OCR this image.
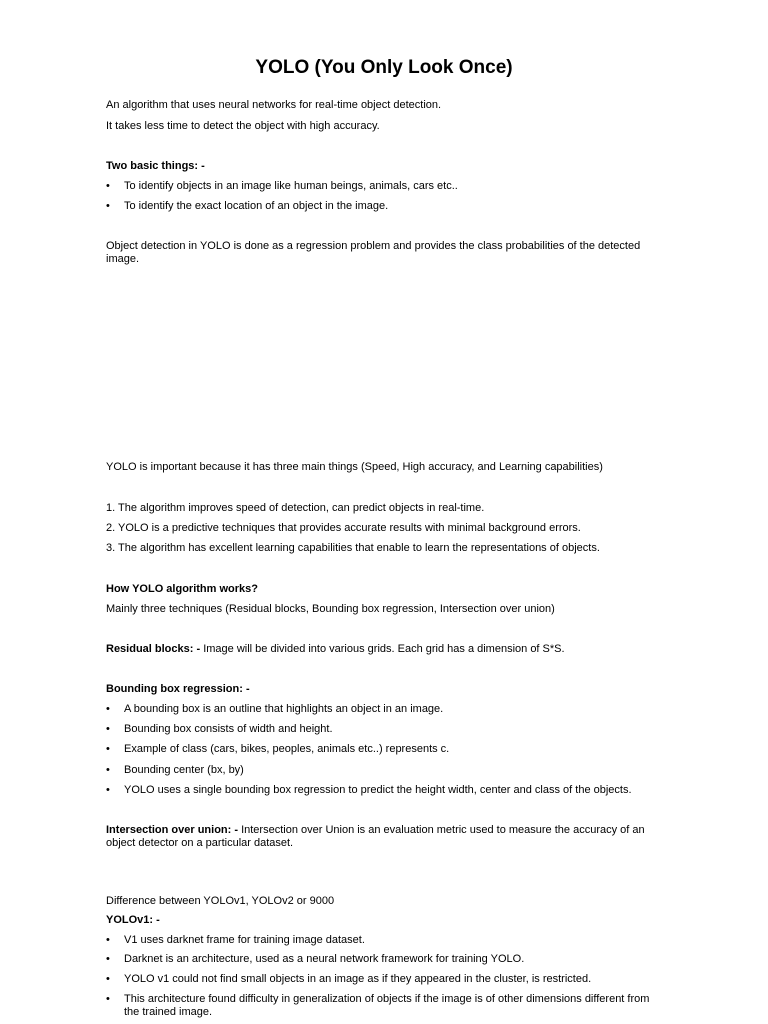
YOLO (You Only Look Once)

An algorithm that uses neural networks for real-time object detection.

It takes less time to detect the object with high accuracy.

Two basic things: -

• To identify objects in an image like human beings, animals, cars etc..
• To identify the exact location of an object in the image.

Object detection in YOLO is done as a regression problem and provides the class probabilities of the detected image.

YOLO is important because it has three main things (Speed, High accuracy, and Learning capabilities)

1. The algorithm improves speed of detection, can predict objects in real-time.

2. YOLO is a predictive techniques that provides accurate results with minimal background errors.

3. The algorithm has excellent learning capabilities that enable to learn the representations of objects.

How YOLO algorithm works?

Mainly three techniques (Residual blocks, Bounding box regression, Intersection over union)

Residual blocks: - Image will be divided into various grids. Each grid has a dimension of S*S.

Bounding box regression: -

• A bounding box is an outline that highlights an object in an image.
• Bounding box consists of width and height.
• Example of class (cars, bikes, peoples, animals etc..) represents c.
• Bounding center (bx, by)
• YOLO uses a single bounding box regression to predict the height width, center and class of the objects.

Intersection over union: - Intersection over Union is an evaluation metric used to measure the accuracy of an object detector on a particular dataset.

Difference between YOLOv1, YOLOv2 or 9000

YOLOv1: -

• V1 uses darknet frame for training image dataset.
• Darknet is an architecture, used as a neural network framework for training YOLO.
• YOLO v1 could not find small objects in an image as if they appeared in the cluster, is restricted.
• This architecture found difficulty in generalization of objects if the image is of other dimensions different from the trained image.
